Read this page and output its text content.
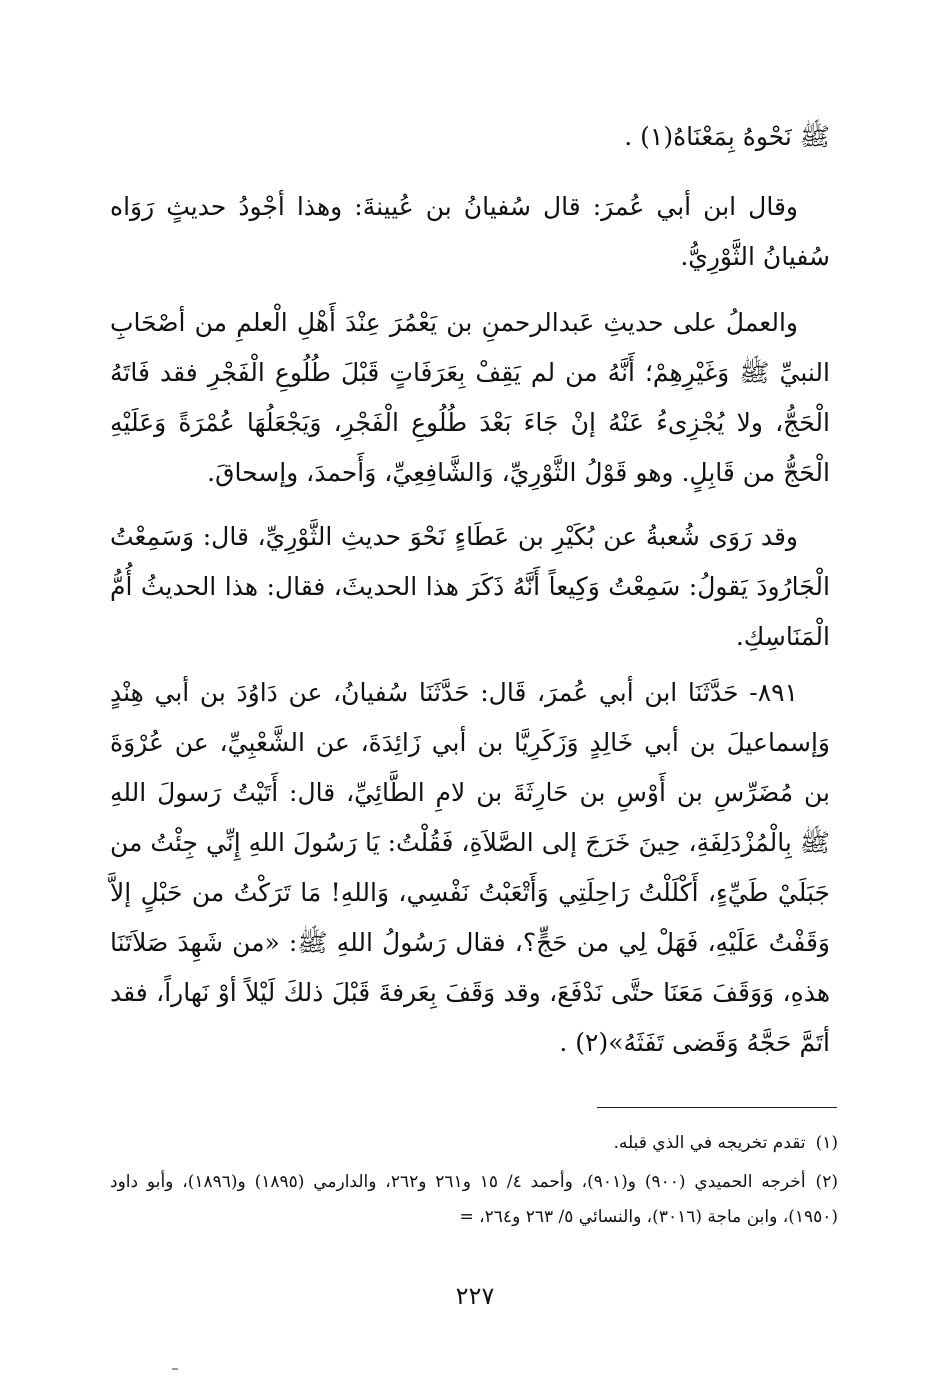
ﷺ نَحْوهُ بِمَعْنَاهُ(١) .

وقال ابن أبي عُمرَ: قال سُفيانُ بن عُيينةَ: وهذا أجْودُ حديثٍ رَوَاه سُفيانُ الثَّوْرِيُّ.

والعملُ على حديثِ عَبدالرحمنِ بن يَعْمُرَ عِنْدَ أَهْلِ الْعلمِ من أصْحَابِ النبيِّ ﷺ وَغَيْرِهِمْ؛ أَنَّهُ من لم يَقِفْ بِعَرَفَاتٍ قَبْلَ طُلُوعِ الْفَجْرِ فقد فَاتَهُ الْحَجُّ، ولا يُجْزِىءُ عَنْهُ إنْ جَاءَ بَعْدَ طُلُوعِ الْفَجْرِ، وَيَجْعَلُهَا عُمْرَةً وَعَلَيْهِ الْحَجُّ من قَابِلٍ. وهو قَوْلُ الثَّوْرِيِّ، وَالشَّافِعِيِّ، وَأَحمدَ، وإسحاقَ.

وقد رَوَى شُعبةُ عن بُكَيْرِ بن عَطَاءٍ نَحْوَ حديثِ الثَّوْرِيِّ، قال: وَسَمِعْتُ الْجَارُودَ يَقولُ: سَمِعْتُ وَكِيعاً أَنَّهُ ذَكَرَ هذا الحديثَ، فقال: هذا الحديثُ أُمُّ الْمَنَاسِكِ.

٨٩١- حَدَّثَنَا ابن أبي عُمرَ، قَال: حَدَّثَنَا سُفيانُ، عن دَاوُدَ بن أبي هِنْدٍ وَإسماعيلَ بن أبي خَالِدٍ وَزَكَرِيَّا بن أبي زَائِدَةَ، عن الشَّعْبِيِّ، عن عُرْوَةَ بن مُضَرِّسِ بن أَوْسِ بن حَارِثَةَ بن لامِ الطَّائِيِّ، قال: أَتَيْتُ رَسولَ اللهِ ﷺ بِالْمُزْدَلِفَةِ، حِينَ خَرَجَ إلى الصَّلاَةِ، فَقُلْتُ: يَا رَسُولَ اللهِ إِنِّي جِئْتُ من جَبَلَيْ طَيِّءٍ، أَكْلَلْتُ رَاحِلَتِي وَأَتْعَبْتُ نَفْسِي، وَاللهِ! مَا تَرَكْتُ من حَبْلٍ إلاَّ وَقَفْتُ عَلَيْهِ، فَهَلْ لِي من حَجٍّ؟، فقال رَسُولُ اللهِ ﷺ: «من شَهِدَ صَلاَتَنَا هذهِ، وَوَقَفَ مَعَنَا حتَّى نَدْفَعَ، وقد وَقَفَ بِعَرفةَ قَبْلَ ذلكَ لَيْلاً أوْ نَهاراً، فقد أتَمَّ حَجَّهُ وَقَضى تَفَثَهُ»(٢) .

(١)تقدم تخريجه في الذي قبله.

(٢)أخرجه الحميدي (٩٠٠) و(٩٠١)، وأحمد ٤/ ١٥ و٢٦١ و٢٦٢، والدارمي (١٨٩٥) و(١٨٩٦)، وأبو داود (١٩٥٠)، وابن ماجة (٣٠١٦)، والنسائي ٥/ ٢٦٣ و٢٦٤، =

٢٢٧
